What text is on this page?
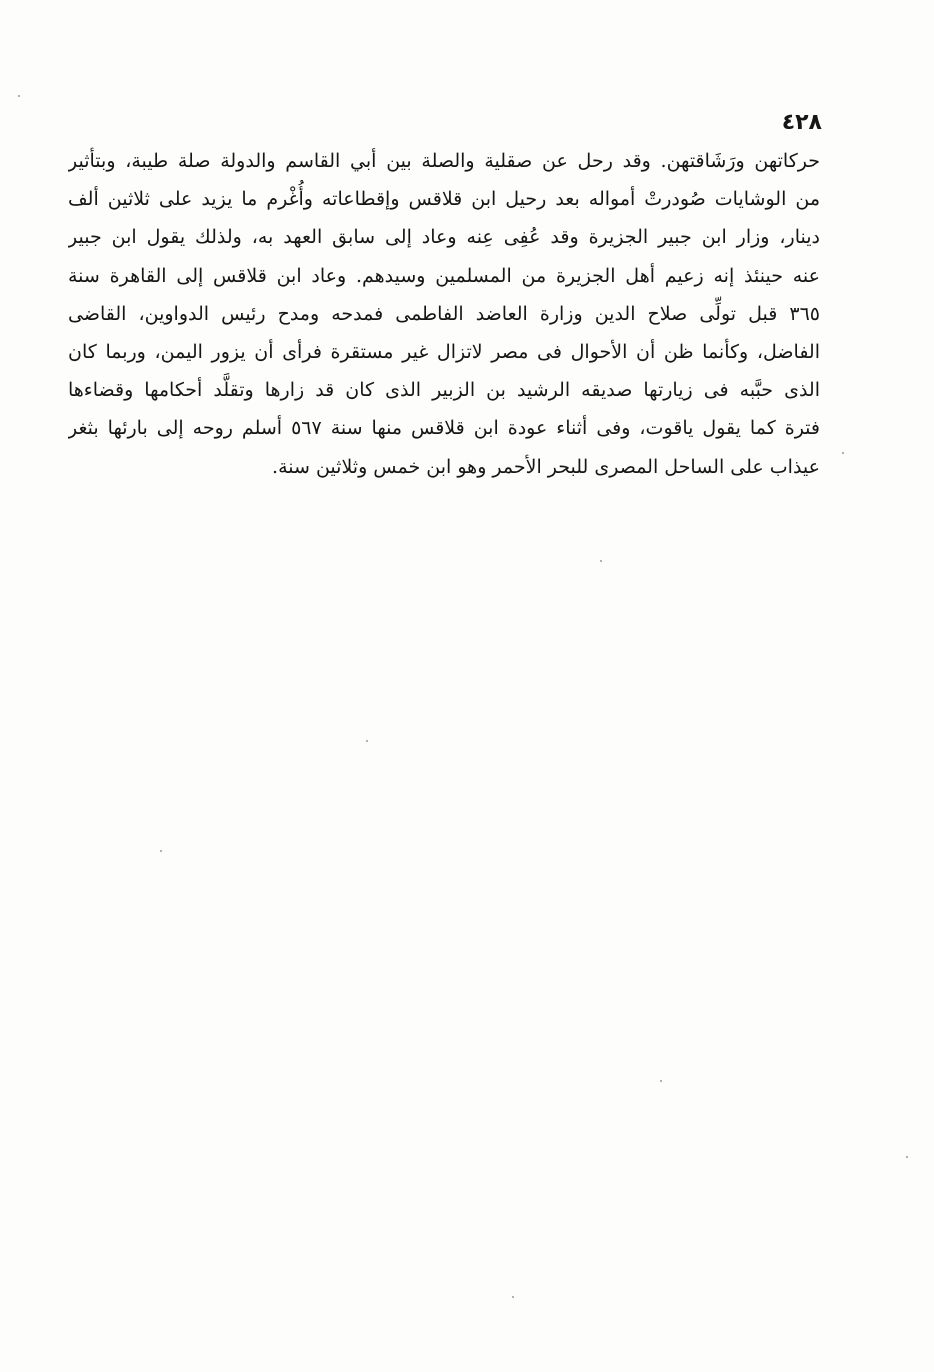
٤٢٨
حركاتهن ورَشَاقتهن. وقد رحل عن صقلية والصلة بين أبي القاسم والدولة صلة طيبة، وبتأثير
من الوشايات صُودرتْ أمواله بعد رحيل ابن قلاقس وإقطاعاته وأُغْرم ما يزيد على ثلاثين ألف
دينار، وزار ابن جبير الجزيرة وقد عُفِى عِنه وعاد إلى سابق العهد به، ولذلك يقول ابن جبير
عنه حينئذ إنه زعيم أهل الجزيرة من المسلمين وسيدهم. وعاد ابن قلاقس إلى القاهرة سنة
٣٦٥ قبل تولِّى صلاح الدين وزارة العاضد الفاطمى فمدحه ومدح رئيس الدواوين، القاضى
الفاضل، وكأنما ظن أن الأحوال فى مصر لاتزال غير مستقرة فرأى أن يزور اليمن، وربما كان
الذى حبَّبه فى زيارتها صديقه الرشيد بن الزبير الذى كان قد زارها وتقلَّد أحكامها وقضاءها
فترة كما يقول ياقوت، وفى أثناء عودة ابن قلاقس منها سنة ٥٦٧ أسلم روحه إلى بارئها بثغر
عيذاب على الساحل المصرى للبحر الأحمر وهو ابن خمس وثلاثين سنة.
